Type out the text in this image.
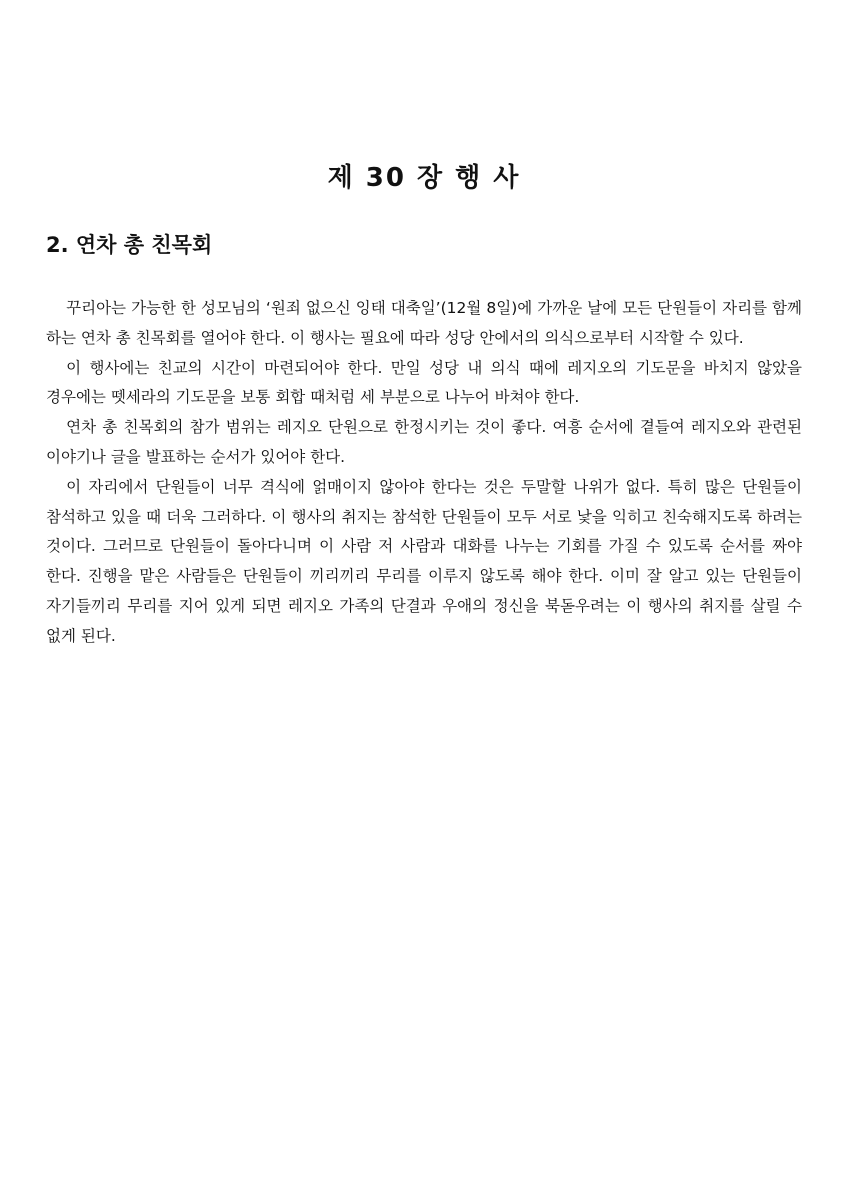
제 30 장 행 사
2. 연차 총 친목회

꾸리아는 가능한 한 성모님의 ‘원죄 없으신 잉태 대축일’(12월 8일)에 가까운 날에 모든 단원들이 자리를 함께 하는 연차 총 친목회를 열어야 한다. 이 행사는 필요에 따라 성당 안에서의 의식으로부터 시작할 수 있다.

이 행사에는 친교의 시간이 마련되어야 한다. 만일 성당 내 의식 때에 레지오의 기도문을 바치지 않았을 경우에는 뗏세라의 기도문을 보통 회합 때처럼 세 부분으로 나누어 바쳐야 한다.

연차 총 친목회의 참가 범위는 레지오 단원으로 한정시키는 것이 좋다. 여흥 순서에 곁들여 레지오와 관련된 이야기나 글을 발표하는 순서가 있어야 한다.

이 자리에서 단원들이 너무 격식에 얽매이지 않아야 한다는 것은 두말할 나위가 없다. 특히 많은 단원들이 참석하고 있을 때 더욱 그러하다. 이 행사의 취지는 참석한 단원들이 모두 서로 낯을 익히고 친숙해지도록 하려는 것이다. 그러므로 단원들이 돌아다니며 이 사람 저 사람과 대화를 나누는 기회를 가질 수 있도록 순서를 짜야 한다. 진행을 맡은 사람들은 단원들이 끼리끼리 무리를 이루지 않도록 해야 한다. 이미 잘 알고 있는 단원들이 자기들끼리 무리를 지어 있게 되면 레지오 가족의 단결과 우애의 정신을 북돋우려는 이 행사의 취지를 살릴 수 없게 된다.
